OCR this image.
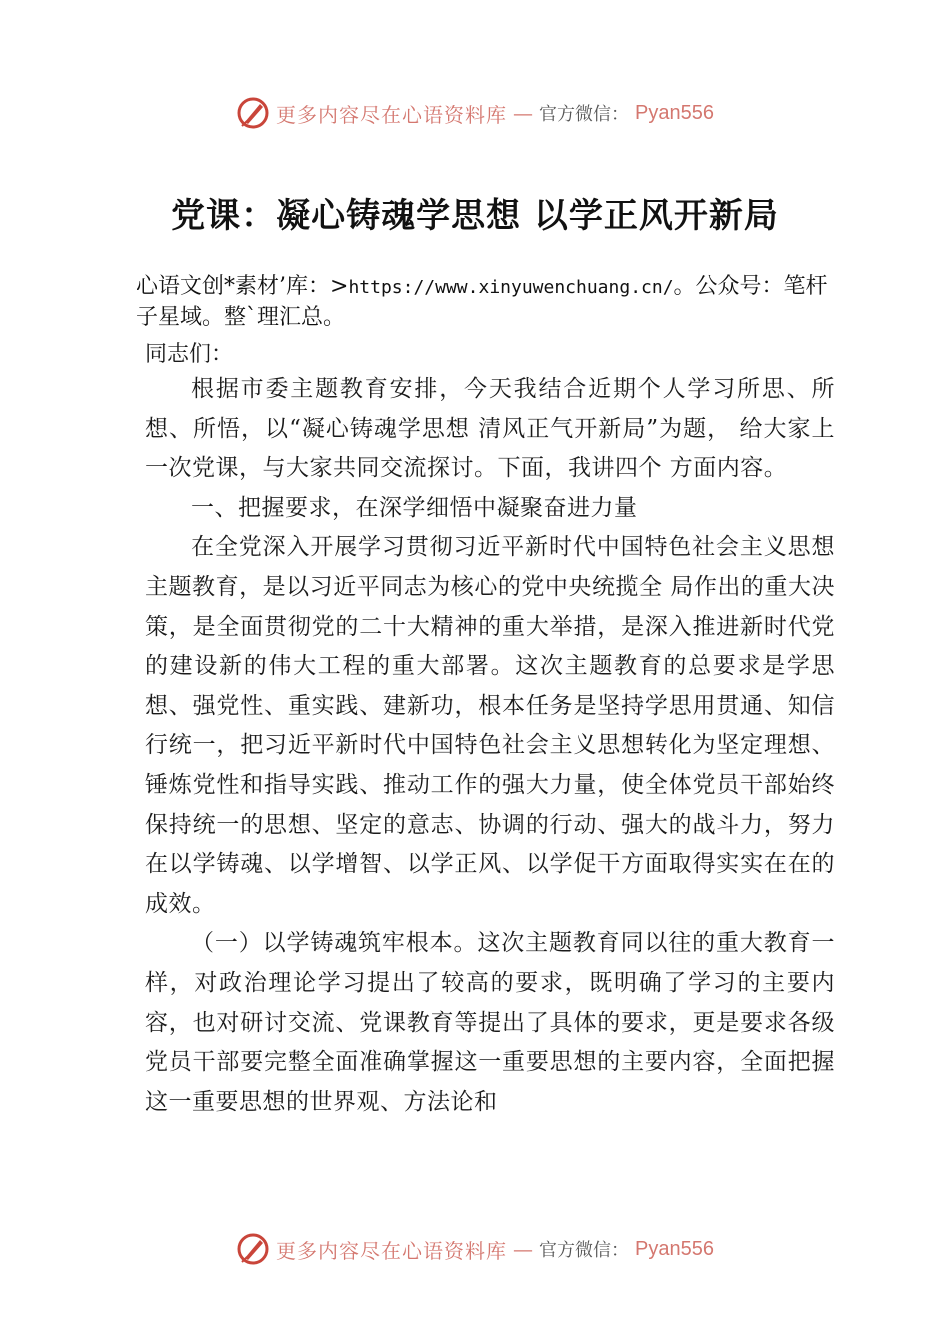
更多内容尽在心语资料库 — 官方微信： Pyan556
党课：凝心铸魂学思想 以学正风开新局
心语文创*素材’库：>https://www.xinyuwenchuang.cn/。公众号：笔杆子星域。整`理汇总。
同志们：

根据市委主题教育安排，今天我结合近期个人学习所思、所想、所悟，以“凝心铸魂学思想 清风正气开新局”为题， 给大家上一次党课，与大家共同交流探讨。下面，我讲四个 方面内容。

一、把握要求，在深学细悟中凝聚奋进力量

在全党深入开展学习贯彻习近平新时代中国特色社会主义思想主题教育，是以习近平同志为核心的党中央统揽全 局作出的重大决策，是全面贯彻党的二十大精神的重大举措，是深入推进新时代党的建设新的伟大工程的重大部署。这次主题教育的总要求是学思想、强党性、重实践、建新功，根本任务是坚持学思用贯通、知信行统一，把习近平新时代中国特色社会主义思想转化为坚定理想、锤炼党性和指导实践、推动工作的强大力量，使全体党员干部始终保持统一的思想、坚定的意志、协调的行动、强大的战斗力，努力在以学铸魂、以学增智、以学正风、以学促干方面取得实实在在的成效。

（一）以学铸魂筑牢根本。这次主题教育同以往的重大教育一样，对政治理论学习提出了较高的要求，既明确了学习的主要内容，也对研讨交流、党课教育等提出了具体的要求，更是要求各级党员干部要完整全面准确掌握这一重要思想的主要内容，全面把握这一重要思想的世界观、方法论和

更多内容尽在心语资料库 — 官方微信： Pyan556
